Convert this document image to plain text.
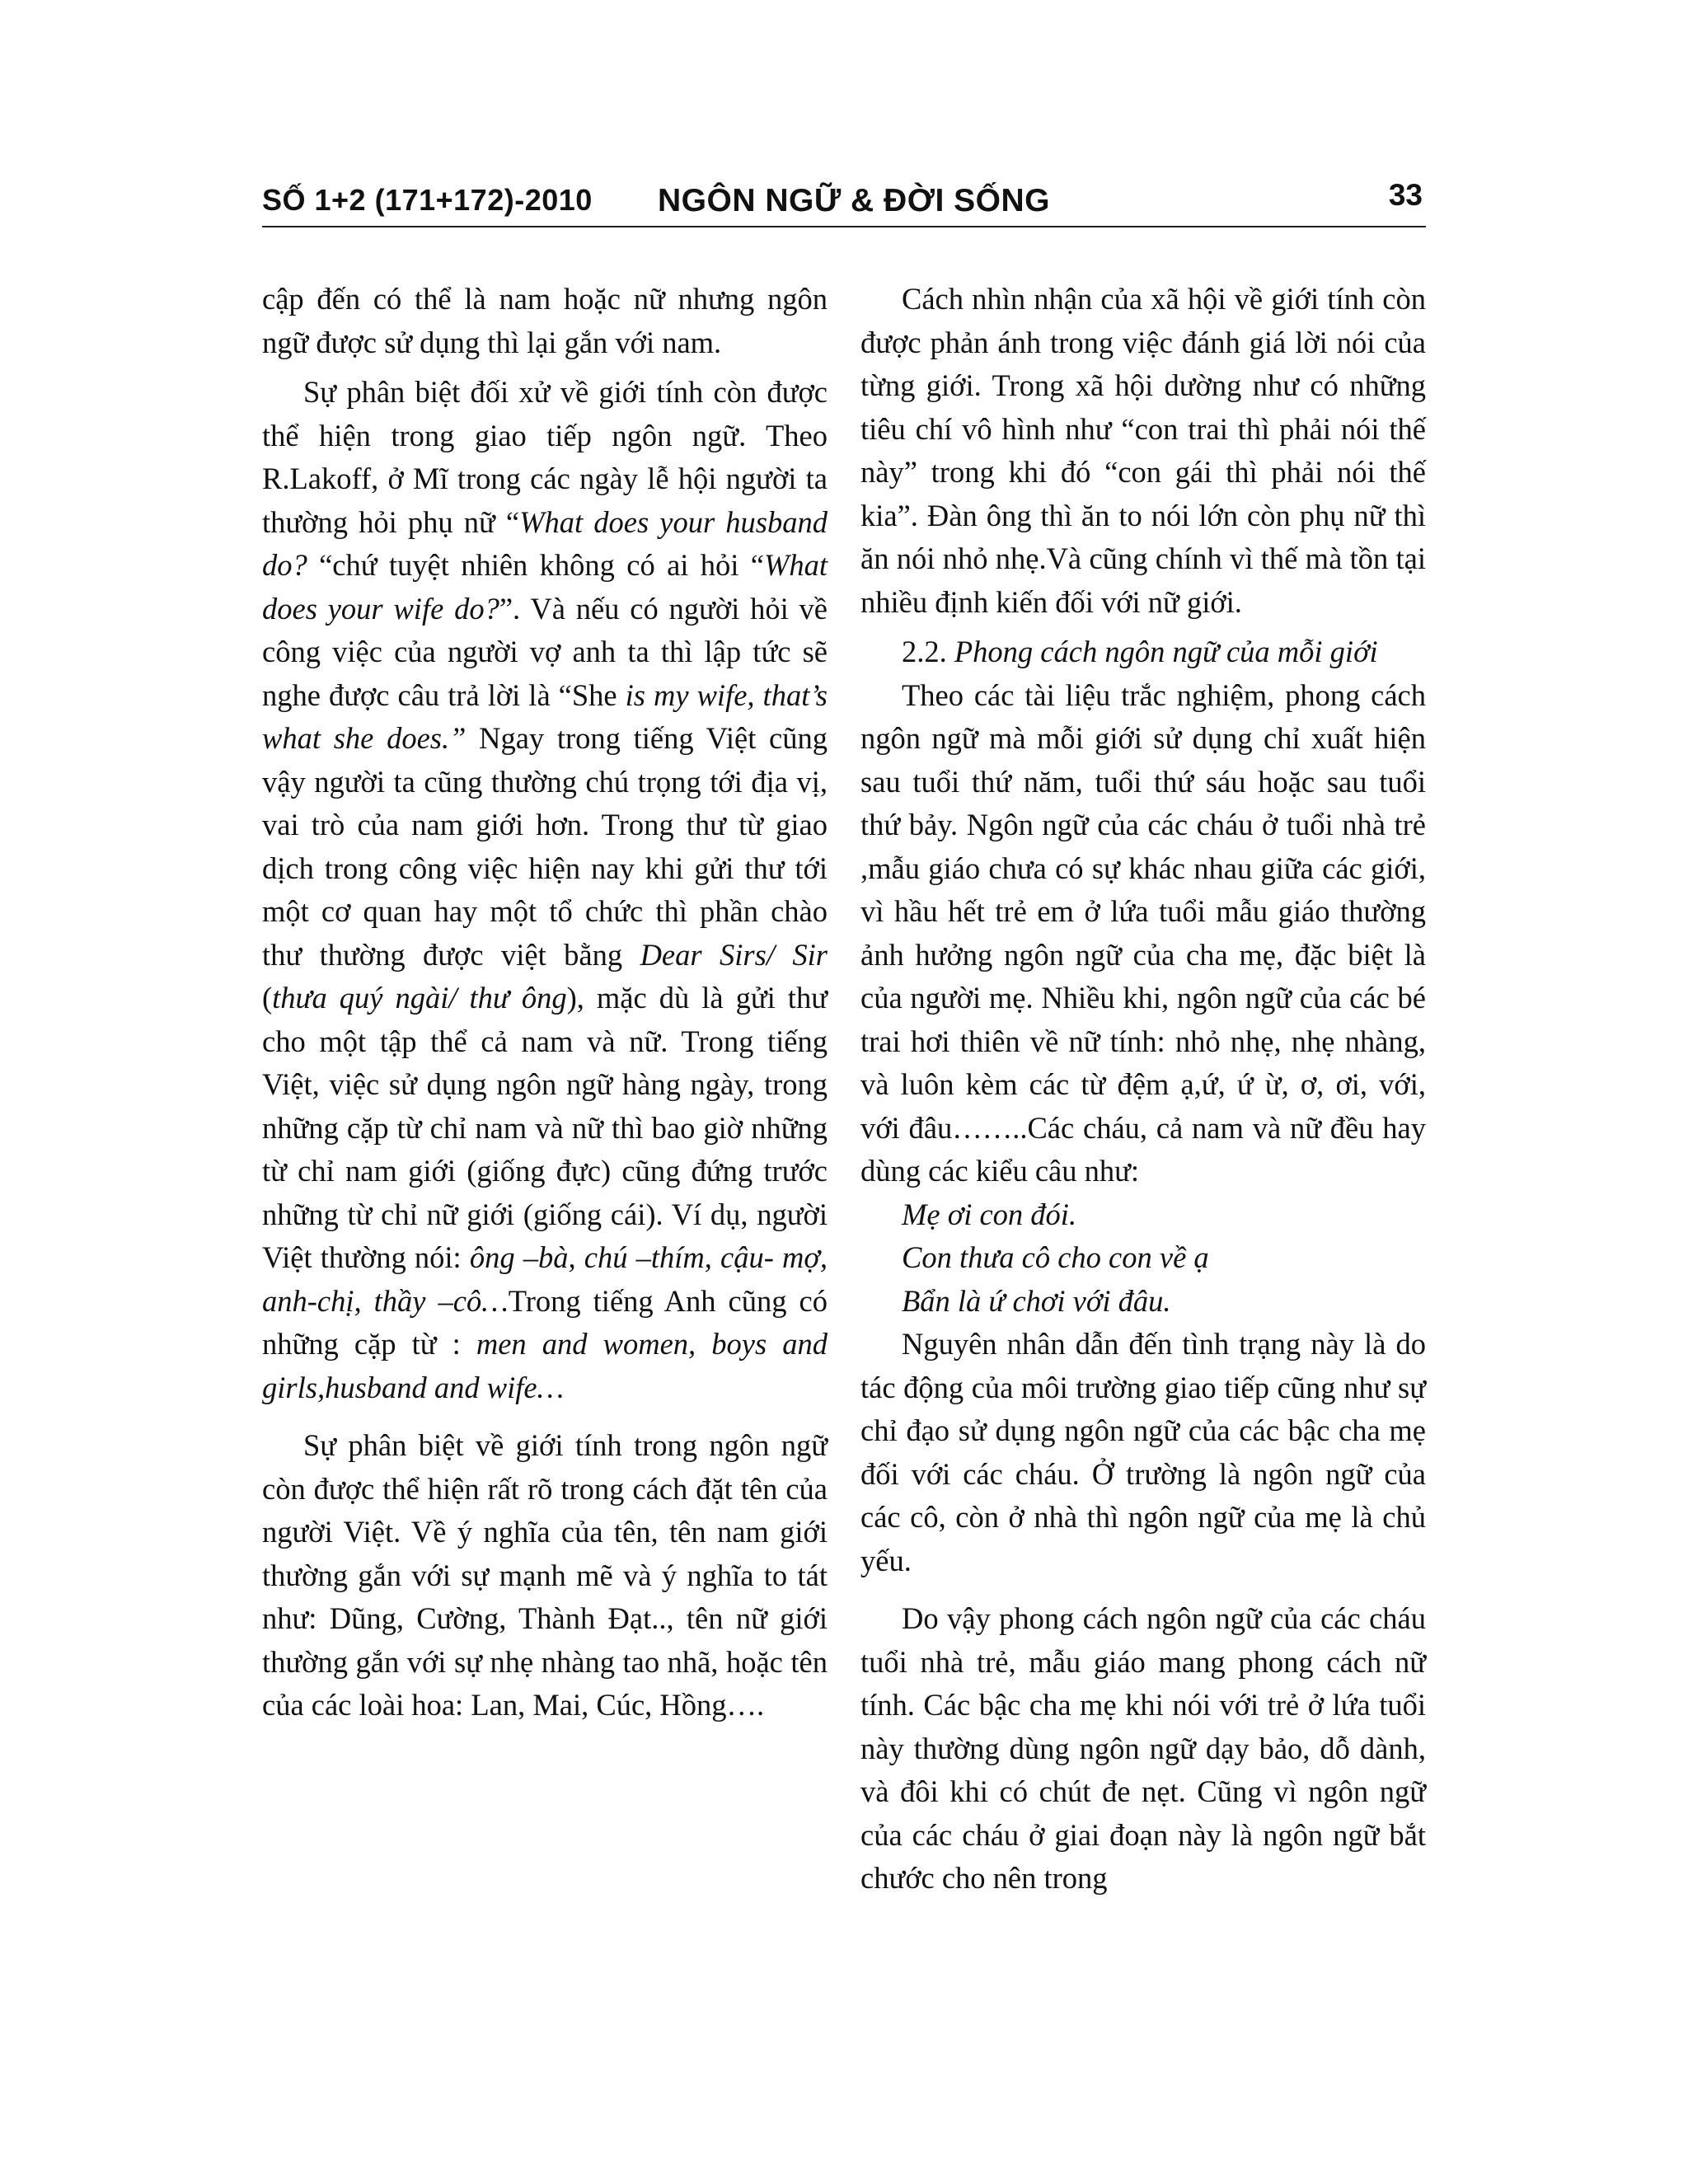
SỐ 1+2 (171+172)-2010 NGÔN NGỮ & ĐỜI SỐNG	33

cập đến có thể là nam hoặc nữ nhưng ngôn ngữ được sử dụng thì lại gắn với nam.

Sự phân biệt đối xử về giới tính còn được thể hiện trong giao tiếp ngôn ngữ. Theo R.Lakoff, ở Mĩ trong các ngày lễ hội người ta thường hỏi phụ nữ “What does your husband do? “chứ tuyệt nhiên không có ai hỏi “What does your wife do?”. Và nếu có người hỏi về công việc của người vợ anh ta thì lập tức sẽ nghe được câu trả lời là “She is my wife, that’s what she does.” Ngay trong tiếng Việt cũng vậy người ta cũng thường chú trọng tới địa vị, vai trò của nam giới hơn. Trong thư từ giao dịch trong công việc hiện nay khi gửi thư tới một cơ quan hay một tổ chức thì phần chào thư thường được việt bằng Dear Sirs/ Sir (thưa quý ngài/ thư ông), mặc dù là gửi thư cho một tập thể cả nam và nữ. Trong tiếng Việt, việc sử dụng ngôn ngữ hàng ngày, trong những cặp từ chỉ nam và nữ thì bao giờ những từ chỉ nam giới (giống đực) cũng đứng trước những từ chỉ nữ giới (giống cái). Ví dụ, người Việt thường nói: ông –bà, chú –thím, cậu- mợ, anh-chị, thầy –cô…Trong tiếng Anh cũng có những cặp từ : men and women, boys and girls,husband and wife…

Sự phân biệt về giới tính trong ngôn ngữ còn được thể hiện rất rõ trong cách đặt tên của người Việt. Về ý nghĩa của tên, tên nam giới thường gắn với sự mạnh mẽ và ý nghĩa to tát như: Dũng, Cường, Thành Đạt.., tên nữ giới thường gắn với sự nhẹ nhàng tao nhã, hoặc tên của các loài hoa: Lan, Mai, Cúc, Hồng….

Cách nhìn nhận của xã hội về giới tính còn được phản ánh trong việc đánh giá lời nói của từng giới. Trong xã hội dường như có những tiêu chí vô hình như “con trai thì phải nói thế này” trong khi đó “con gái thì phải nói thế kia”. Đàn ông thì ăn to nói lớn còn phụ nữ thì ăn nói nhỏ nhẹ.Và cũng chính vì thế mà tồn tại nhiều định kiến đối với nữ giới.

2.2. Phong cách ngôn ngữ của mỗi giới

Theo các tài liệu trắc nghiệm, phong cách ngôn ngữ mà mỗi giới sử dụng chỉ xuất hiện sau tuổi thứ năm, tuổi thứ sáu hoặc sau tuổi thứ bảy. Ngôn ngữ của các cháu ở tuổi nhà trẻ ,mẫu giáo chưa có sự khác nhau giữa các giới, vì hầu hết trẻ em ở lứa tuổi mẫu giáo thường ảnh hưởng ngôn ngữ của cha mẹ, đặc biệt là của người mẹ. Nhiều khi, ngôn ngữ của các bé trai hơi thiên về nữ tính: nhỏ nhẹ, nhẹ nhàng, và luôn kèm các từ đệm ạ,ứ, ứ ừ, ơ, ơi, với, với đâu……..Các cháu, cả nam và nữ đều hay dùng các kiểu câu như:

Mẹ ơi con đói.
Con thưa cô cho con về ạ
Bẩn là ứ chơi với đâu.

Nguyên nhân dẫn đến tình trạng này là do tác động của môi trường giao tiếp cũng như sự chỉ đạo sử dụng ngôn ngữ của các bậc cha mẹ đối với các cháu. Ở trường là ngôn ngữ của các cô, còn ở nhà thì ngôn ngữ của mẹ là chủ yếu.

Do vậy phong cách ngôn ngữ của các cháu tuổi nhà trẻ, mẫu giáo mang phong cách nữ tính. Các bậc cha mẹ khi nói với trẻ ở lứa tuổi này thường dùng ngôn ngữ dạy bảo, dỗ dành, và đôi khi có chút đe nẹt. Cũng vì ngôn ngữ của các cháu ở giai đoạn này là ngôn ngữ bắt chước cho nên trong
